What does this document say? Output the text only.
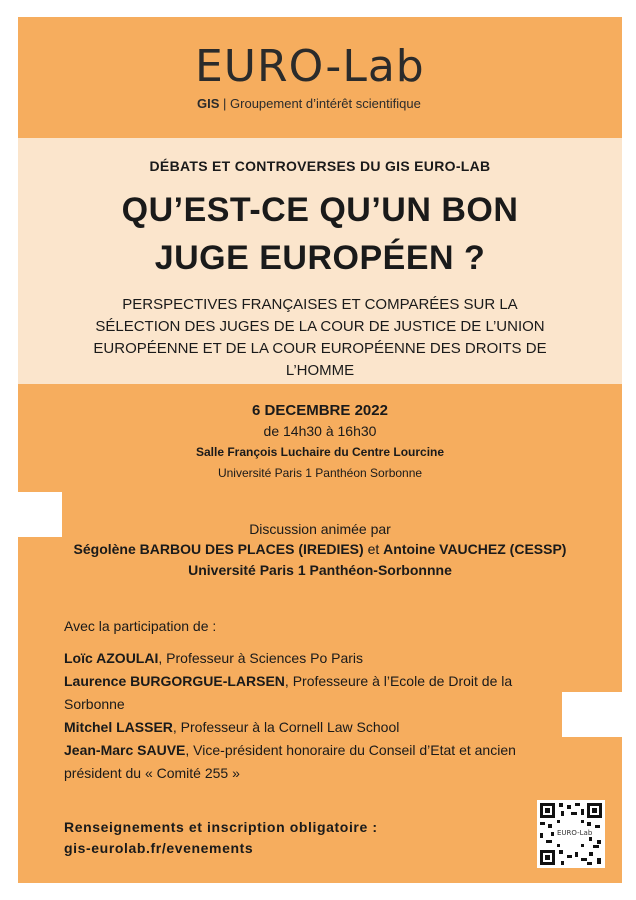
EURO-Lab
GIS | Groupement d’intérêt scientifique
DÉBATS ET CONTROVERSES DU GIS EURO-LAB
QU’EST-CE QU’UN BON
JUGE EUROPÉEN ?
PERSPECTIVES FRANÇAISES ET COMPARÉES SUR LA SÉLECTION DES JUGES DE LA COUR DE JUSTICE DE L’UNION EUROPÉENNE ET DE LA COUR EUROPÉENNE DES DROITS DE L’HOMME
6 DECEMBRE 2022
de 14h30 à 16h30
Salle François Luchaire du Centre Lourcine
Université Paris 1 Panthéon Sorbonne
Discussion animée par
Ségolène BARBOU DES PLACES (IREDIES) et Antoine VAUCHEZ (CESSP)
Université Paris 1 Panthéon-Sorbonnne
Avec la participation de :
Loïc AZOULAI, Professeur à Sciences Po Paris
Laurence BURGORGUE-LARSEN, Professeure à l’Ecole de Droit de la Sorbonne
Mitchel LASSER, Professeur à la Cornell Law School
Jean-Marc SAUVE, Vice-président honoraire du Conseil d’Etat et ancien président du « Comité 255 »
Renseignements et inscription obligatoire :
gis-eurolab.fr/evenements
EURO-Lab
